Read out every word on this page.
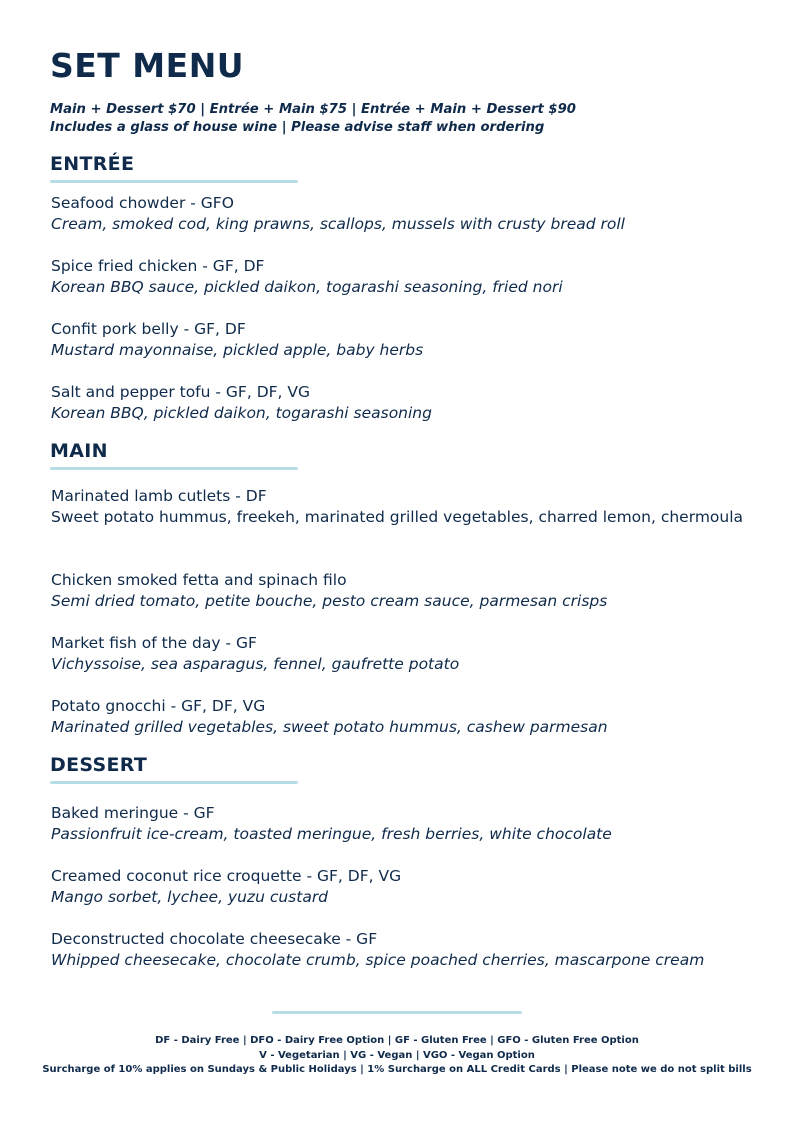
SET MENU
Main + Dessert $70 | Entrée + Main $75 | Entrée + Main + Dessert $90
Includes a glass of house wine | Please advise staff when ordering
ENTRÉE
Seafood chowder - GFO
Cream, smoked cod, king prawns, scallops, mussels with crusty bread roll
Spice fried chicken - GF, DF
Korean BBQ sauce, pickled daikon, togarashi seasoning, fried nori
Confit pork belly - GF, DF
Mustard mayonnaise, pickled apple, baby herbs
Salt and pepper tofu - GF, DF, VG
Korean BBQ, pickled daikon, togarashi seasoning
MAIN
Marinated lamb cutlets - DF
Sweet potato hummus, freekeh, marinated grilled vegetables, charred lemon, chermoula
Chicken smoked fetta and spinach filo
Semi dried tomato, petite bouche, pesto cream sauce, parmesan crisps
Market fish of the day - GF
Vichyssoise, sea asparagus, fennel, gaufrette potato
Potato gnocchi - GF, DF, VG
Marinated grilled vegetables, sweet potato hummus, cashew parmesan
DESSERT
Baked meringue - GF
Passionfruit ice-cream, toasted meringue, fresh berries, white chocolate
Creamed coconut rice croquette - GF, DF, VG
Mango sorbet, lychee, yuzu custard
Deconstructed chocolate cheesecake - GF
Whipped cheesecake, chocolate crumb, spice poached cherries, mascarpone cream
DF - Dairy Free | DFO - Dairy Free Option | GF - Gluten Free | GFO - Gluten Free Option
V - Vegetarian | VG - Vegan | VGO - Vegan Option
Surcharge of 10% applies on Sundays & Public Holidays | 1% Surcharge on ALL Credit Cards | Please note we do not split bills
